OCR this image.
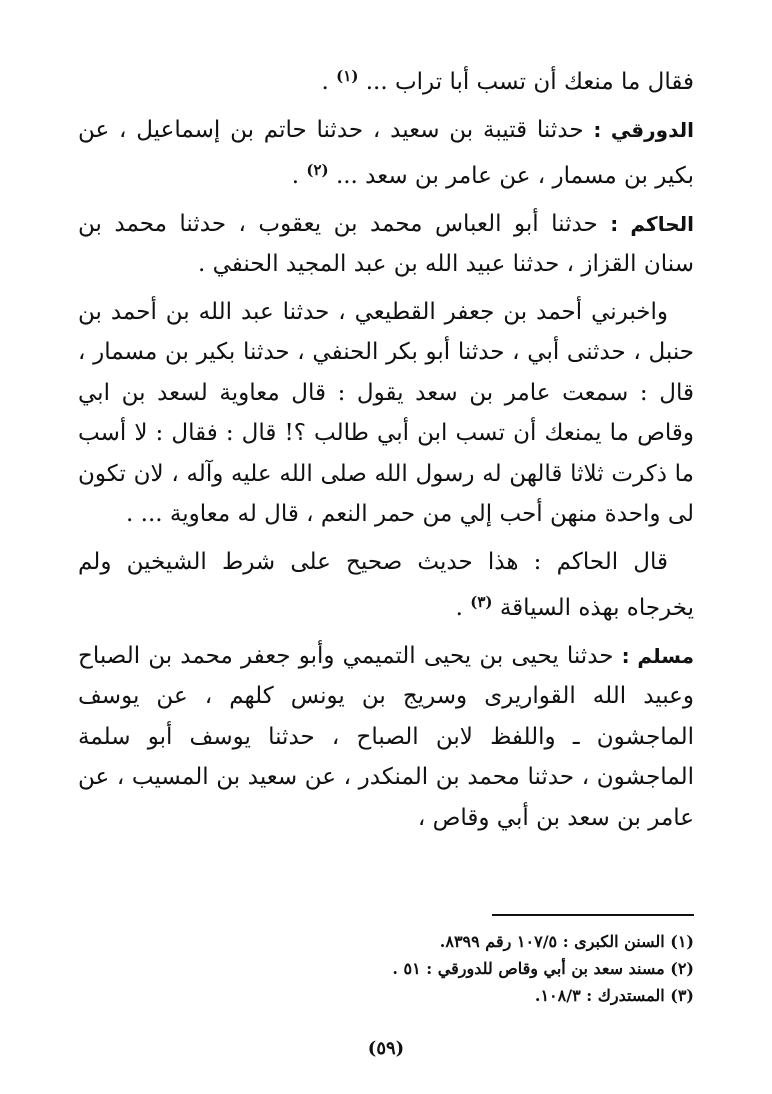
فقال ما منعك أن تسب أبا تراب ... $^{(١)}$ .

الدورقي : حدثنا قتيبة بن سعيد ، حدثنا حاتم بن إسماعيل ، عن بكير بن مسمار ، عن عامر بن سعد ... $^{(٢)}$ .

الحاكم : حدثنا أبو العباس محمد بن يعقوب ، حدثنا محمد بن سنان القزاز ، حدثنا عبيد الله بن عبد المجيد الحنفي .

واخبرني أحمد بن جعفر القطيعي ، حدثنا عبد الله بن أحمد بن حنبل ، حدثنى أبي ، حدثنا أبو بكر الحنفي ، حدثنا بكير بن مسمار ، قال : سمعت عامر بن سعد يقول : قال معاوية لسعد بن ابي وقاص ما يمنعك أن تسب ابن أبي طالب ؟! قال : فقال : لا أسب ما ذكرت ثلاثا قالهن له رسول الله صلى الله عليه وآله ، لان تكون لى واحدة منهن أحب إلي من حمر النعم ، قال له معاوية ... .

قال الحاكم : هذا حديث صحيح على شرط الشيخين ولم يخرجاه بهذه السياقة $^{(٣)}$ .

مسلم : حدثنا يحيى بن يحيى التميمي وأبو جعفر محمد بن الصباح وعبيد الله القواريرى وسريج بن يونس كلهم ، عن يوسف الماجشون ـ واللفظ لابن الصباح ، حدثنا يوسف أبو سلمة الماجشون ، حدثنا محمد بن المنكدر ، عن سعيد بن المسيب ، عن عامر بن سعد بن أبي وقاص ،

(١) السنن الكبرى : ١٠٧/٥ رقم ٨٣٩٩.

(٢) مسند سعد بن أبي وقاص للدورقي : ٥١ .

(٣) المستدرك : ١٠٨/٣.

(٥٩)
